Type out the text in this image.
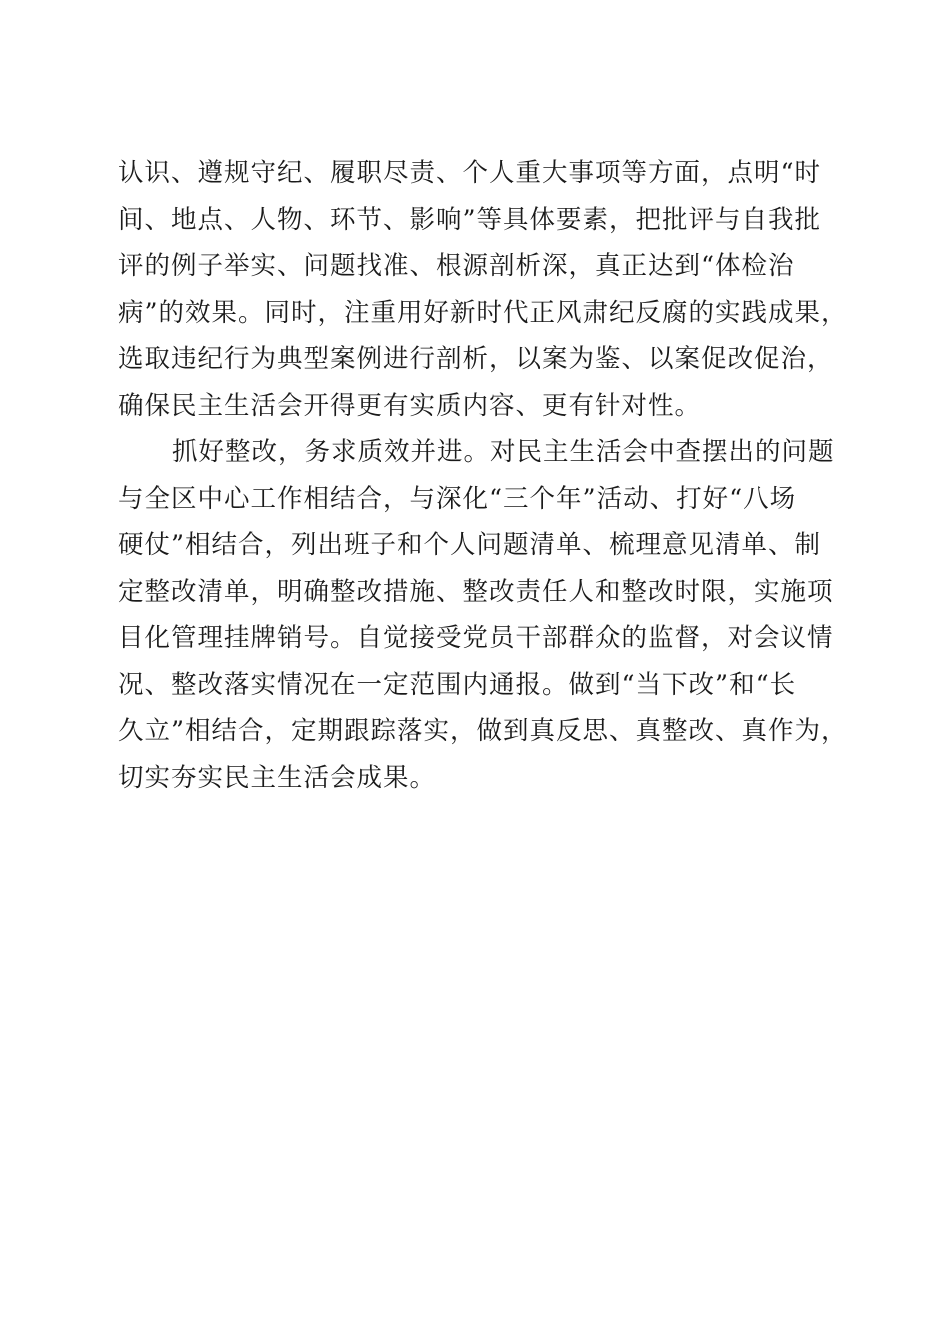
认识、遵规守纪、履职尽责、个人重大事项等方面，点明“时
间、地点、人物、环节、影响”等具体要素，把批评与自我批
评的例子举实、问题找准、根源剖析深，真正达到“体检治
病”的效果。同时，注重用好新时代正风肃纪反腐的实践成果，
选取违纪行为典型案例进行剖析，以案为鉴、以案促改促治，
确保民主生活会开得更有实质内容、更有针对性。
抓好整改，务求质效并进。对民主生活会中查摆出的问题
与全区中心工作相结合，与深化“三个年”活动、打好“八场
硬仗”相结合，列出班子和个人问题清单、梳理意见清单、制
定整改清单，明确整改措施、整改责任人和整改时限，实施项
目化管理挂牌销号。自觉接受党员干部群众的监督，对会议情
况、整改落实情况在一定范围内通报。做到“当下改”和“长
久立”相结合，定期跟踪落实，做到真反思、真整改、真作为，
切实夯实民主生活会成果。
